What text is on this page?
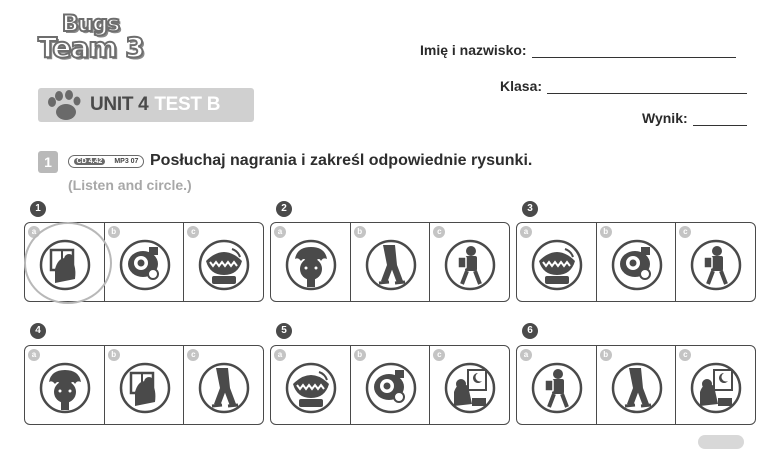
Bugs
Team 3
UNIT 4 TEST B
Imię i nazwisko:
Klasa:
Wynik:
1	CD 4.42	MP3 07 Posłuchaj nagrania i zakreśl odpowiednie rysunki.
(Listen and circle.)
1
a	b	c
2
a	b	c
3
a	b	c
4
a	b	c
5
a	b	c
6
a	b	c
